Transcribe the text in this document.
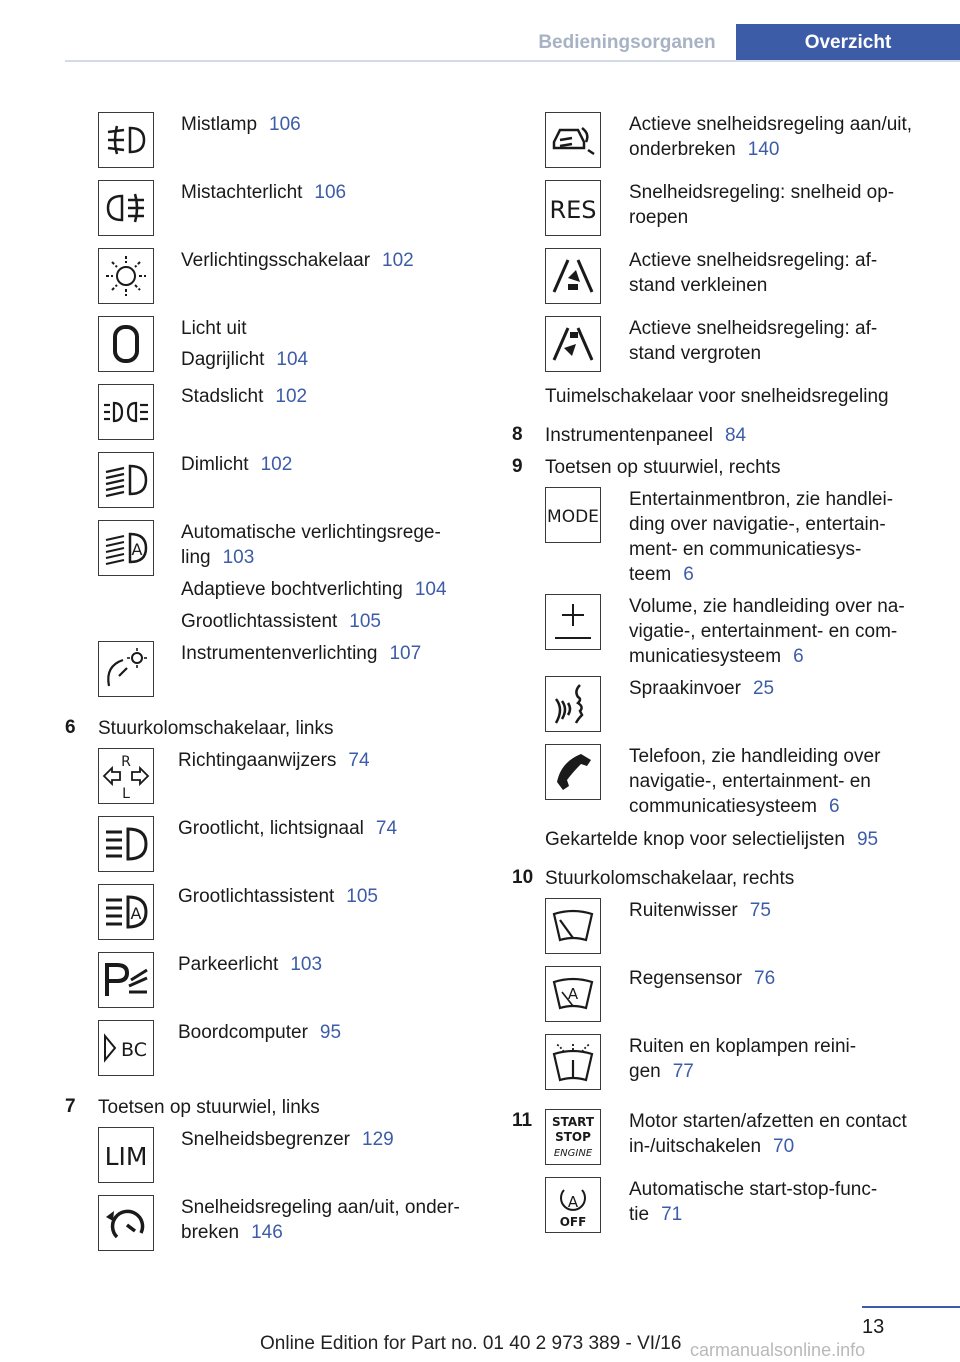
Bedieningsorganen	Overzicht

Mistlamp 106

Mistachterlicht 106

Verlichtingsschakelaar 102

Licht uit

Dagrijlicht 104

Stadslicht 102

Dimlicht 102

A

Automatische verlichtingsrege-

ling 103

Adaptieve bochtverlichting 104

Grootlichtassistent 105

Instrumentenverlichting 107

6 Stuurkolomschakelaar, links
R
L

Richtingaanwijzers 74

Grootlicht, lichtsignaal 74

A

Grootlichtassistent 105

Parkeerlicht 103

BC

Boordcomputer 95

7 Toetsen op stuurwiel, links
LIM

Snelheidsbegrenzer 129

Snelheidsregeling aan/uit, onder-

breken 146

Actieve snelheidsregeling aan/uit,

onderbreken 140

RES

Snelheidsregeling: snelheid op-

roepen

Actieve snelheidsregeling: af-

stand verkleinen

Actieve snelheidsregeling: af-

stand vergroten

Tuimelschakelaar voor snelheidsregeling
8 Instrumentenpaneel 84
9 Toetsen op stuurwiel, rechts
MODE

Entertainmentbron, zie handlei-

ding over navigatie-, entertain-

ment- en communicatiesys-

teem 6

Volume, zie handleiding over na-

vigatie-, entertainment- en com-

municatiesysteem 6

Spraakinvoer 25

Telefoon, zie handleiding over

navigatie-, entertainment- en

communicatiesysteem 6

Gekartelde knop voor selectielijsten 95
10 Stuurkolomschakelaar, rechts

Ruitenwisser 75

A

Regensensor 76

Ruiten en koplampen reini-

gen 77

11 START
STOP
ENGINE

Motor starten/afzetten en contact

in-/uitschakelen 70

A
OFF

Automatische start-stop-func-

tie 71

13
Online Edition for Part no. 01 40 2 973 389 - VI/16 carmanualsonline.info
